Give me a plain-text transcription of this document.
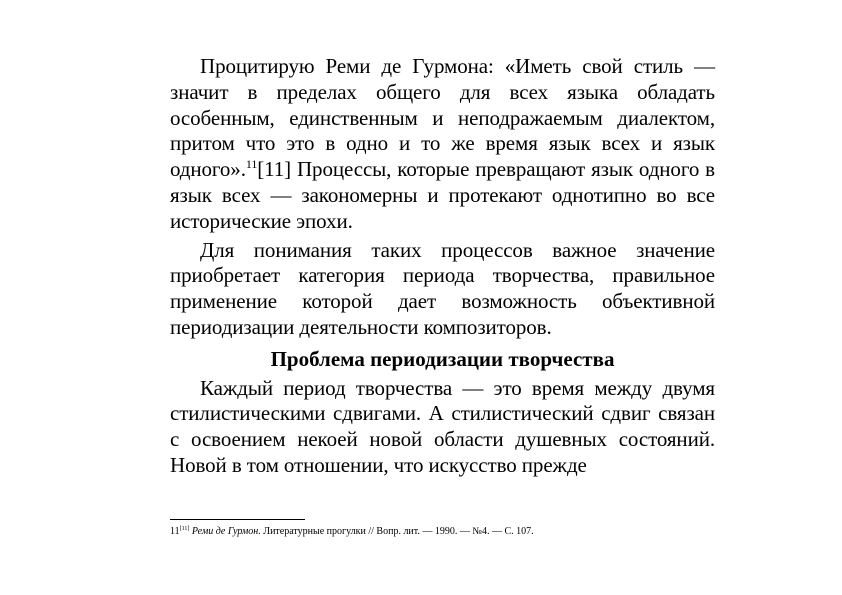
Процитирую Реми де Гурмона: «Иметь свой стиль — значит в пределах общего для всех языка обладать особенным, единственным и неподражаемым диалектом, притом что это в одно и то же время язык всех и язык одного».$^{11}$[11] Процессы, которые превращают язык одного в язык всех — закономерны и протекают однотипно во все исторические эпохи.

Для понимания таких процессов важное значение приобретает категория периода творчества, правильное применение которой дает возможность объективной периодизации деятельности композиторов.

Проблема периодизации творчества

Каждый период творчества — это время между двумя стилистическими сдвигами. А стилистический сдвиг связан с освоением некоей новой области душевных состояний. Новой в том отношении, что искусство прежде

11[11] Реми де Гурмон. Литературные прогулки // Вопр. лит. — 1990. — №4. — С. 107.
